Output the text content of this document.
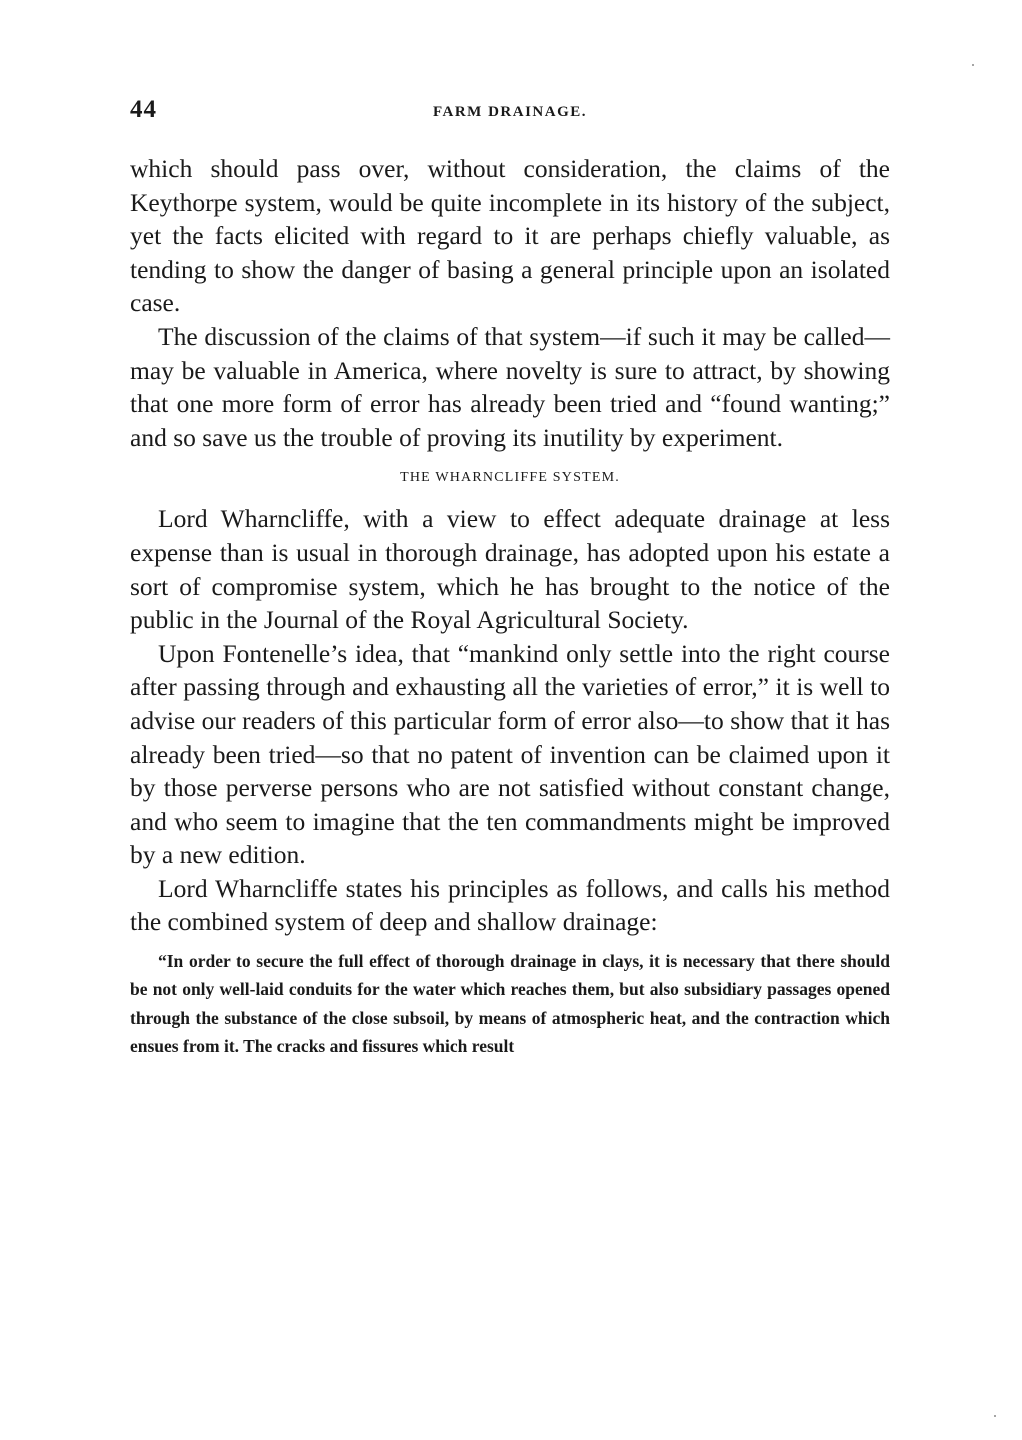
44	FARM DRAINAGE.

which should pass over, without consideration, the claims of the Keythorpe system, would be quite incomplete in its history of the subject, yet the facts elicited with regard to it are perhaps chiefly valuable, as tending to show the danger of basing a general principle upon an isolated case.

The discussion of the claims of that system—if such it may be called—may be valuable in America, where novelty is sure to attract, by showing that one more form of error has already been tried and “found wanting;” and so save us the trouble of proving its inutility by experiment.

THE WHARNCLIFFE SYSTEM.

Lord Wharncliffe, with a view to effect adequate drainage at less expense than is usual in thorough drainage, has adopted upon his estate a sort of compromise system, which he has brought to the notice of the public in the Journal of the Royal Agricultural Society.

Upon Fontenelle’s idea, that “mankind only settle into the right course after passing through and exhausting all the varieties of error,” it is well to advise our readers of this particular form of error also—to show that it has already been tried—so that no patent of invention can be claimed upon it by those perverse persons who are not satisfied without constant change, and who seem to imagine that the ten commandments might be improved by a new edition.

Lord Wharncliffe states his principles as follows, and calls his method the combined system of deep and shallow drainage:

“In order to secure the full effect of thorough drainage in clays, it is necessary that there should be not only well-laid conduits for the water which reaches them, but also subsidiary passages opened through the substance of the close subsoil, by means of atmospheric heat, and the contraction which ensues from it. The cracks and fissures which result
